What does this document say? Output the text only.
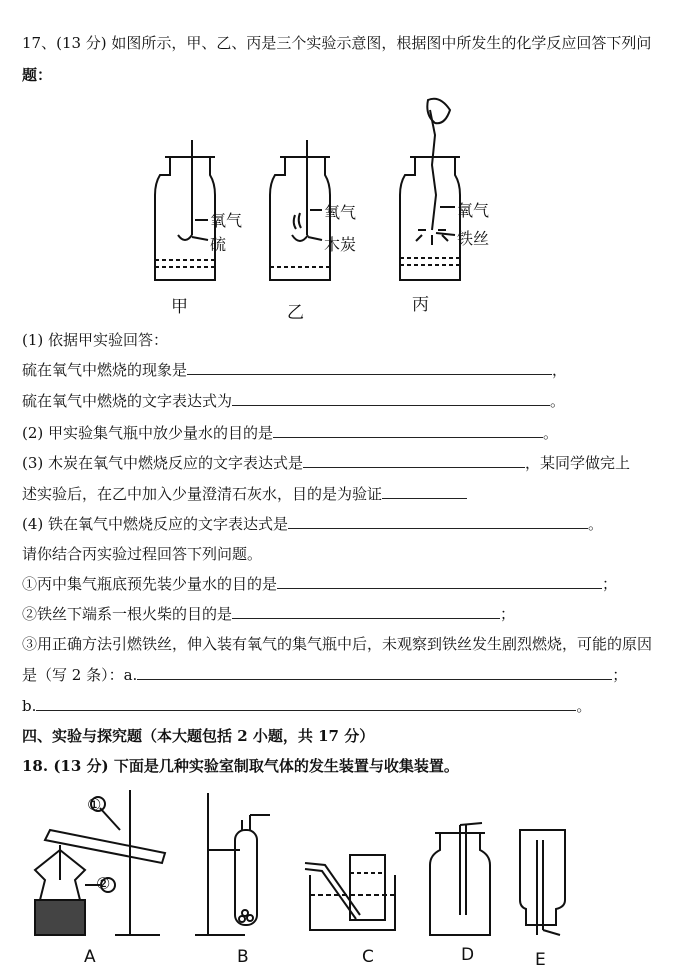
17、(13 分) 如图所示，甲、乙、丙是三个实验示意图，根据图中所发生的化学反应回答下列问
题：
氧气
硫
氧气
木炭
氧气
铁丝
甲	乙	丙
(1) 依据甲实验回答：
硫在氧气中燃烧的现象是	，
硫在氧气中燃烧的文字表达式为	。
(2) 甲实验集气瓶中放少量水的目的是	。
(3) 木炭在氧气中燃烧反应的文字表达式是	，某同学做完上
述实验后，在乙中加入少量澄清石灰水，目的是为验证
(4) 铁在氧气中燃烧反应的文字表达式是	。
请你结合丙实验过程回答下列问题。
①丙中集气瓶底预先装少量水的目的是	；
②铁丝下端系一根火柴的目的是	；
③用正确方法引燃铁丝，伸入装有氧气的集气瓶中后，未观察到铁丝发生剧烈燃烧，可能的原因
是（写 2 条）：a.	；
b.	。
四、实验与探究题（本大题包括 2 小题，共 17 分）
18. (13 分) 下面是几种实验室制取气体的发生装置与收集装置。
①
②
A	B	C	D	E
